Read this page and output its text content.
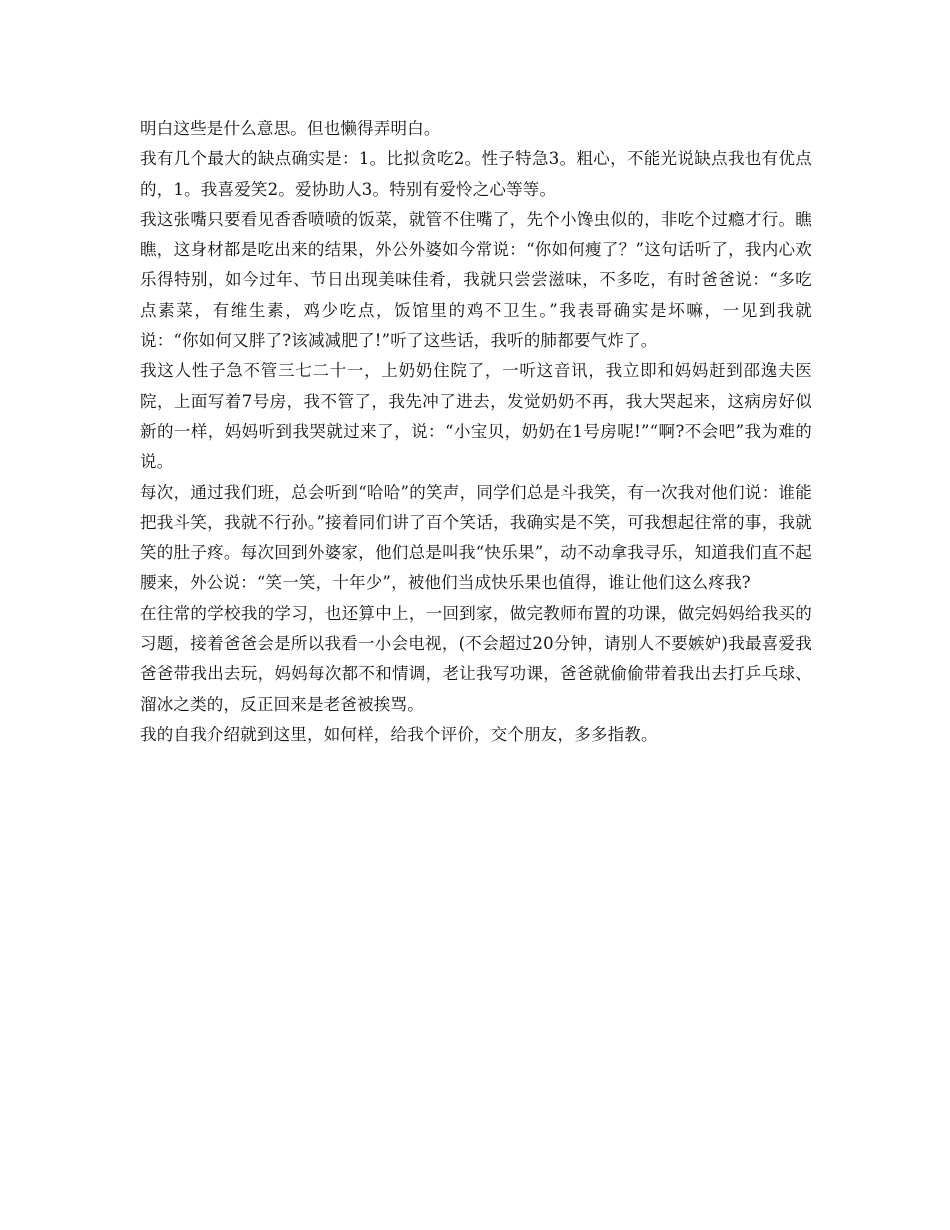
明白这些是什么意思。但也懒得弄明白。

我有几个最大的缺点确实是：1。比拟贪吃2。性子特急3。粗心，不能光说缺点我也有优点的，1。我喜爱笑2。爱协助人3。特别有爱怜之心等等。

我这张嘴只要看见香香喷喷的饭菜，就管不住嘴了，先个小馋虫似的，非吃个过瘾才行。瞧瞧，这身材都是吃出来的结果，外公外婆如今常说：“你如何瘦了？”这句话听了，我内心欢乐得特别，如今过年、节日出现美味佳肴，我就只尝尝滋味，不多吃，有时爸爸说：“多吃点素菜，有维生素，鸡少吃点，饭馆里的鸡不卫生。”我表哥确实是坏嘛，一见到我就说：“你如何又胖了?该减减肥了!”听了这些话，我听的肺都要气炸了。

我这人性子急不管三七二十一，上奶奶住院了，一听这音讯，我立即和妈妈赶到邵逸夫医院，上面写着7号房，我不管了，我先冲了进去，发觉奶奶不再，我大哭起来，这病房好似新的一样，妈妈听到我哭就过来了，说：“小宝贝，奶奶在1号房呢!”“啊?不会吧”我为难的说。

每次，通过我们班，总会听到“哈哈”的笑声，同学们总是斗我笑，有一次我对他们说：谁能把我斗笑，我就不行孙。”接着同们讲了百个笑话，我确实是不笑，可我想起往常的事，我就笑的肚子疼。每次回到外婆家，他们总是叫我“快乐果”，动不动拿我寻乐，知道我们直不起腰来，外公说：“笑一笑，十年少”，被他们当成快乐果也值得，谁让他们这么疼我?

在往常的学校我的学习，也还算中上，一回到家，做完教师布置的功课，做完妈妈给我买的习题，接着爸爸会是所以我看一小会电视，(不会超过20分钟，请别人不要嫉妒)我最喜爱我爸爸带我出去玩，妈妈每次都不和情调，老让我写功课，爸爸就偷偷带着我出去打乒乓球、溜冰之类的，反正回来是老爸被挨骂。

我的自我介绍就到这里，如何样，给我个评价，交个朋友，多多指教。
